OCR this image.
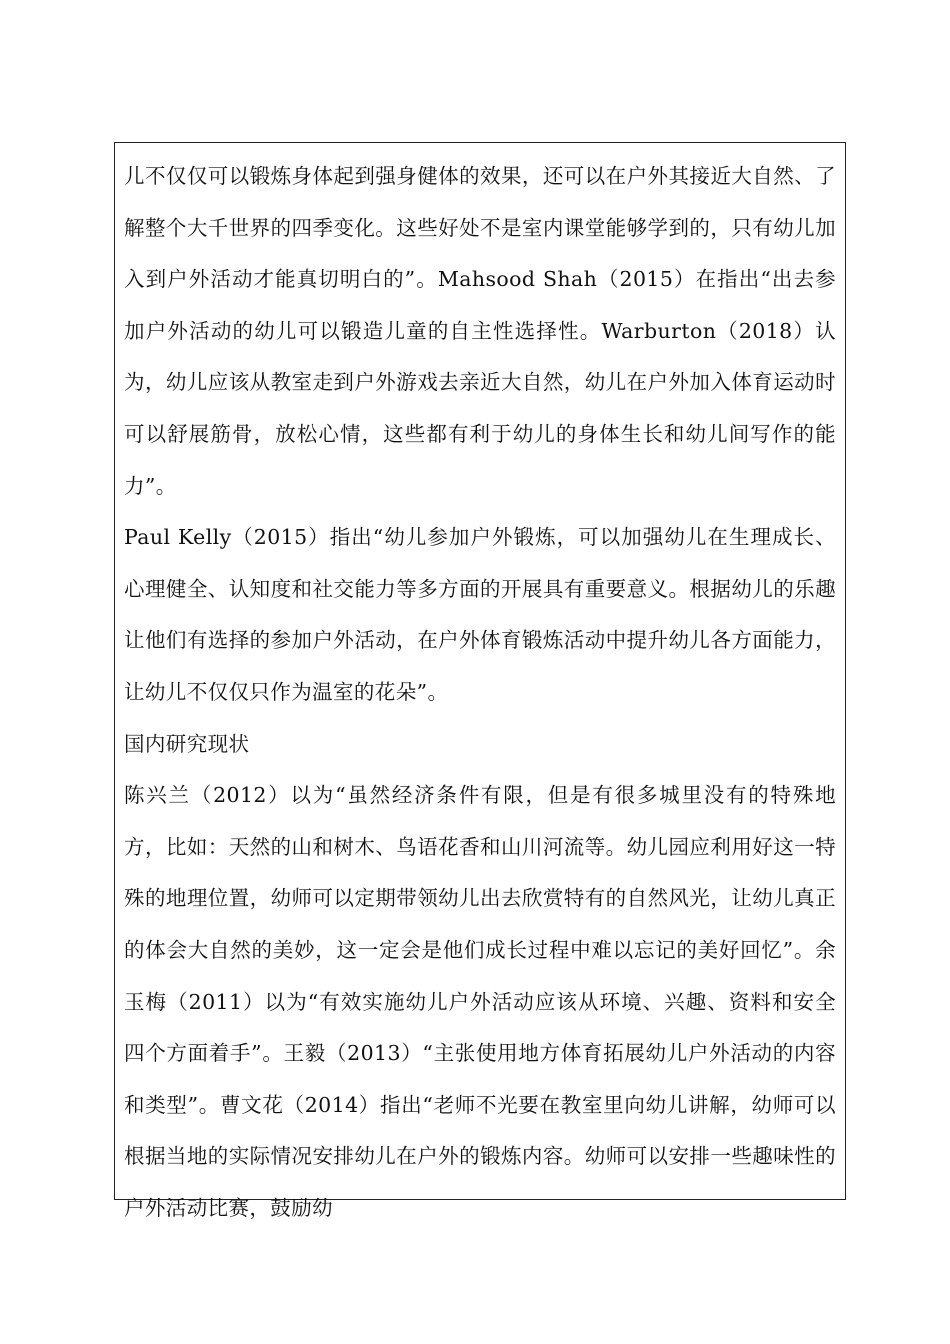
儿不仅仅可以锻炼身体起到强身健体的效果，还可以在户外其接近大自然、了解整个大千世界的四季变化。这些好处不是室内课堂能够学到的，只有幼儿加入到户外活动才能真切明白的”。Mahsood Shah（2015）在指出“出去参加户外活动的幼儿可以锻造儿童的自主性选择性。Warburton（2018）认为，幼儿应该从教室走到户外游戏去亲近大自然，幼儿在户外加入体育运动时可以舒展筋骨，放松心情，这些都有利于幼儿的身体生长和幼儿间写作的能力”。

Paul Kelly（2015）指出“幼儿参加户外锻炼，可以加强幼儿在生理成长、心理健全、认知度和社交能力等多方面的开展具有重要意义。根据幼儿的乐趣让他们有选择的参加户外活动，在户外体育锻炼活动中提升幼儿各方面能力，让幼儿不仅仅只作为温室的花朵”。

国内研究现状

陈兴兰（2012）以为“虽然经济条件有限，但是有很多城里没有的特殊地方，比如：天然的山和树木、鸟语花香和山川河流等。幼儿园应利用好这一特殊的地理位置，幼师可以定期带领幼儿出去欣赏特有的自然风光，让幼儿真正的体会大自然的美妙，这一定会是他们成长过程中难以忘记的美好回忆”。余玉梅（2011）以为“有效实施幼儿户外活动应该从环境、兴趣、资料和安全四个方面着手”。王毅（2013）“主张使用地方体育拓展幼儿户外活动的内容和类型”。曹文花（2014）指出“老师不光要在教室里向幼儿讲解，幼师可以根据当地的实际情况安排幼儿在户外的锻炼内容。幼师可以安排一些趣味性的户外活动比赛，鼓励幼
